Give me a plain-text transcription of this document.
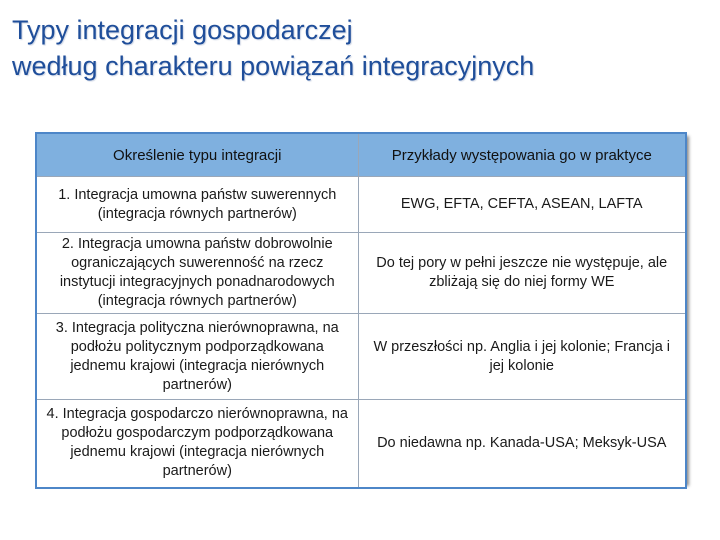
Typy integracji gospodarczej
według charakteru powiązań integracyjnych
Określenie typu integracji	Przykłady występowania go w praktyce
1. Integracja umowna państw suwerennych (integracja równych partnerów)	EWG, EFTA, CEFTA, ASEAN, LAFTA
2. Integracja umowna państw dobrowolnie ograniczających suwerenność na rzecz instytucji integracyjnych ponadnarodowych (integracja równych partnerów)	Do tej pory w pełni jeszcze nie występuje, ale zbliżają się do niej formy WE
3. Integracja polityczna nierównoprawna, na podłożu politycznym podporządkowana jednemu krajowi (integracja nierównych partnerów)	W przeszłości np. Anglia i jej kolonie; Francja i jej kolonie
4. Integracja gospodarczo nierównoprawna, na podłożu gospodarczym podporządkowana jednemu krajowi (integracja nierównych partnerów)	Do niedawna np. Kanada-USA; Meksyk-USA
